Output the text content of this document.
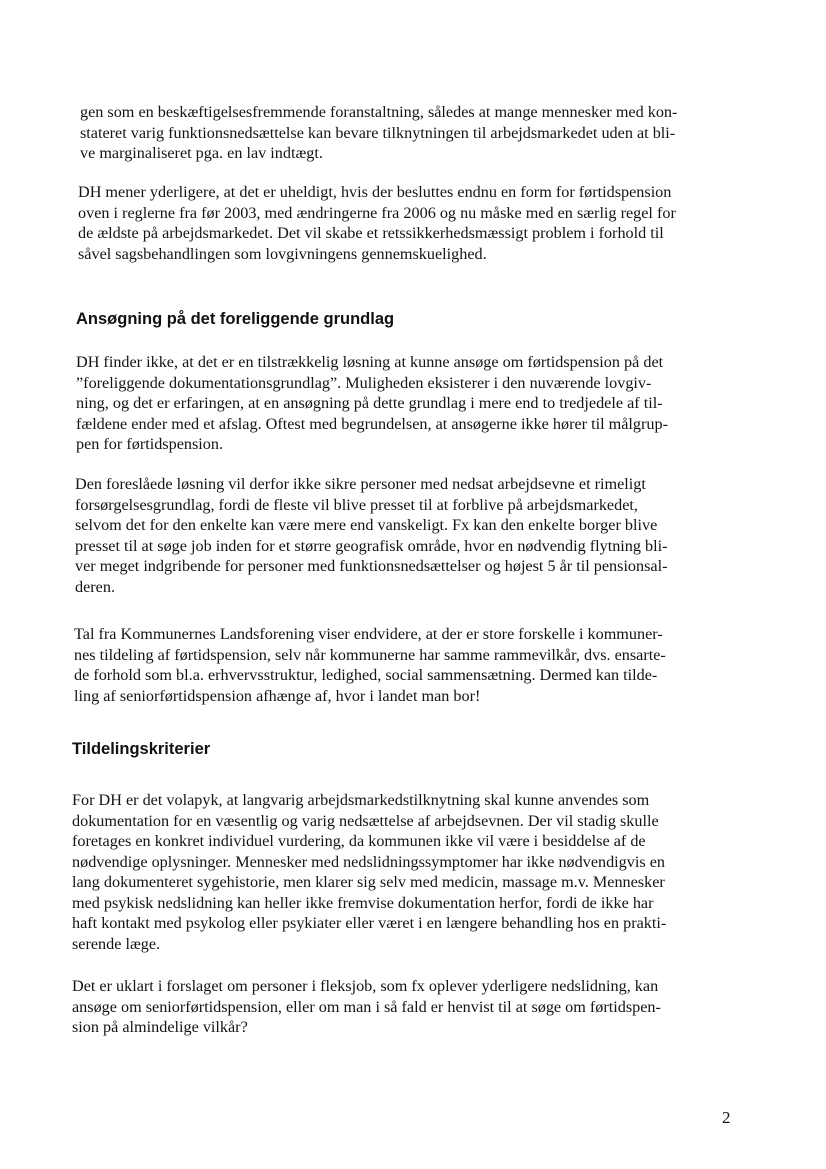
gen som en beskæftigelsesfremmende foranstaltning, således at mange mennesker med kon-
stateret varig funktionsnedsættelse kan bevare tilknytningen til arbejdsmarkedet uden at bli-
ve marginaliseret pga. en lav indtægt.
DH mener yderligere, at det er uheldigt, hvis der besluttes endnu en form for førtidspension
oven i reglerne fra før 2003, med ændringerne fra 2006 og nu måske med en særlig regel for
de ældste på arbejdsmarkedet. Det vil skabe et retssikkerhedsmæssigt problem i forhold til
såvel sagsbehandlingen som lovgivningens gennemskuelighed.
Ansøgning på det foreliggende grundlag
DH finder ikke, at det er en tilstrækkelig løsning at kunne ansøge om førtidspension på det
”foreliggende dokumentationsgrundlag”. Muligheden eksisterer i den nuværende lovgiv-
ning, og det er erfaringen, at en ansøgning på dette grundlag i mere end to tredjedele af til-
fældene ender med et afslag. Oftest med begrundelsen, at ansøgerne ikke hører til målgrup-
pen for førtidspension.
Den foreslåede løsning vil derfor ikke sikre personer med nedsat arbejdsevne et rimeligt
forsørgelsesgrundlag, fordi de fleste vil blive presset til at forblive på arbejdsmarkedet,
selvom det for den enkelte kan være mere end vanskeligt. Fx kan den enkelte borger blive
presset til at søge job inden for et større geografisk område, hvor en nødvendig flytning bli-
ver meget indgribende for personer med funktionsnedsættelser og højest 5 år til pensionsal-
deren.
Tal fra Kommunernes Landsforening viser endvidere, at der er store forskelle i kommuner-
nes tildeling af førtidspension, selv når kommunerne har samme rammevilkår, dvs. ensarte-
de forhold som bl.a. erhvervsstruktur, ledighed, social sammensætning. Dermed kan tilde-
ling af seniorførtidspension afhænge af, hvor i landet man bor!
Tildelingskriterier
For DH er det volapyk, at langvarig arbejdsmarkedstilknytning skal kunne anvendes som
dokumentation for en væsentlig og varig nedsættelse af arbejdsevnen. Der vil stadig skulle
foretages en konkret individuel vurdering, da kommunen ikke vil være i besiddelse af de
nødvendige oplysninger. Mennesker med nedslidningssymptomer har ikke nødvendigvis en
lang dokumenteret sygehistorie, men klarer sig selv med medicin, massage m.v. Mennesker
med psykisk nedslidning kan heller ikke fremvise dokumentation herfor, fordi de ikke har
haft kontakt med psykolog eller psykiater eller været i en længere behandling hos en prakti-
serende læge.
Det er uklart i forslaget om personer i fleksjob, som fx oplever yderligere nedslidning, kan
ansøge om seniorførtidspension, eller om man i så fald er henvist til at søge om førtidspen-
sion på almindelige vilkår?
2
